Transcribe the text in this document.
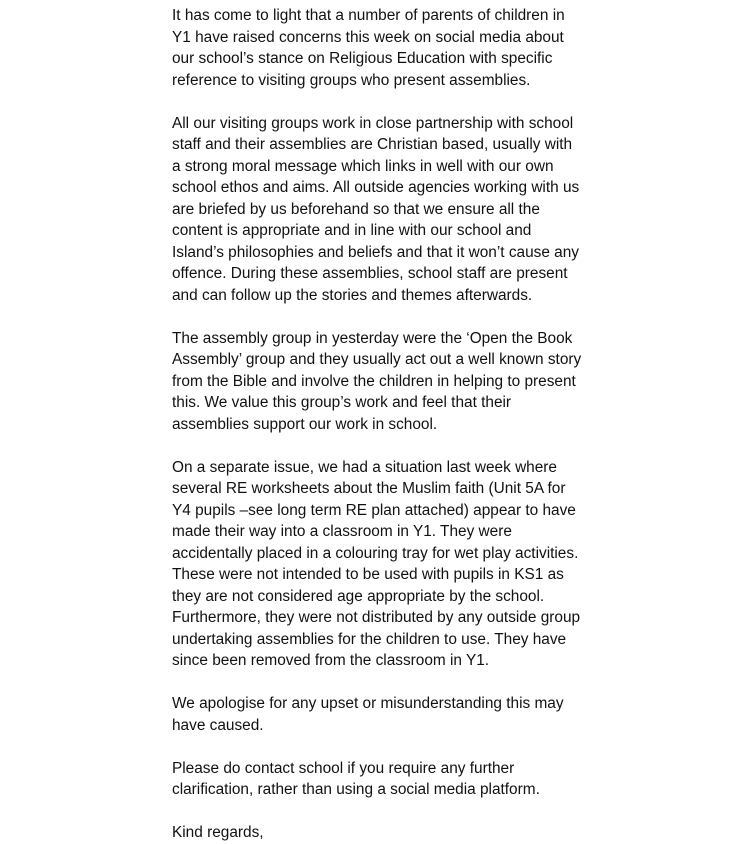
It has come to light that a number of parents of children in
Y1 have raised concerns this week on social media about
our school’s stance on Religious Education with specific
reference to visiting groups who present assemblies.
All our visiting groups work in close partnership with school
staff and their assemblies are Christian based, usually with
a strong moral message which links in well with our own
school ethos and aims. All outside agencies working with us
are briefed by us beforehand so that we ensure all the
content is appropriate and in line with our school and
Island’s philosophies and beliefs and that it won’t cause any
offence. During these assemblies, school staff are present
and can follow up the stories and themes afterwards.
The assembly group in yesterday were the ‘Open the Book
Assembly’ group and they usually act out a well known story
from the Bible and involve the children in helping to present
this. We value this group’s work and feel that their
assemblies support our work in school.
On a separate issue, we had a situation last week where
several RE worksheets about the Muslim faith (Unit 5A for
Y4 pupils –see long term RE plan attached) appear to have
made their way into a classroom in Y1. They were
accidentally placed in a colouring tray for wet play activities.
These were not intended to be used with pupils in KS1 as
they are not considered age appropriate by the school.
Furthermore, they were not distributed by any outside group
undertaking assemblies for the children to use. They have
since been removed from the classroom in Y1.
We apologise for any upset or misunderstanding this may
have caused.
Please do contact school if you require any further
clarification, rather than using a social media platform.

Kind regards,
